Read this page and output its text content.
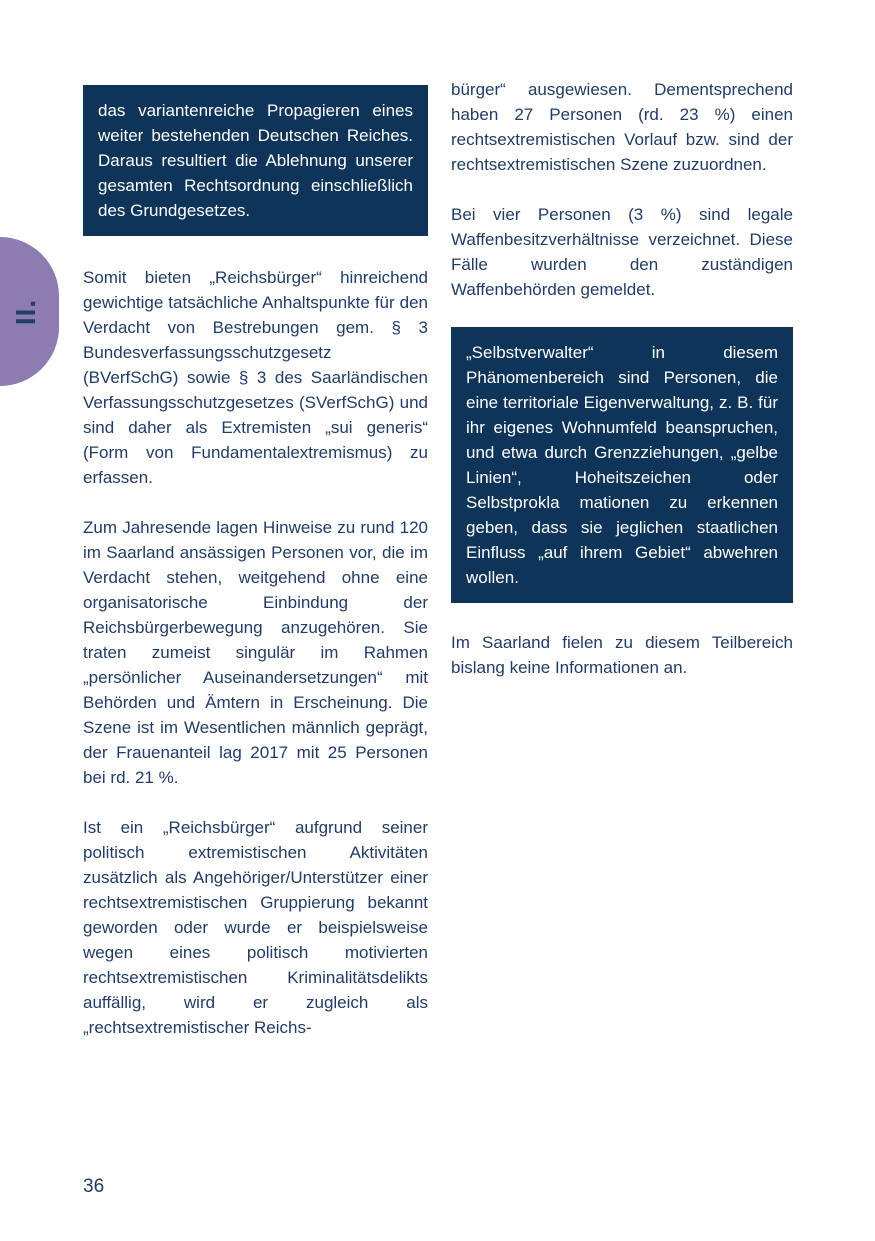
II.

das variantenreiche Propagieren eines weiter bestehenden Deutschen Reiches. Daraus resultiert die Ablehnung unserer gesamten Rechtsordnung einschließlich des Grundgesetzes.

Somit bieten „Reichsbürger“ hinreichend gewichtige tatsächliche Anhaltspunkte für den Verdacht von Bestrebungen gem. § 3 Bundesverfassungsschutzgesetz (BVerfSchG) sowie § 3 des Saarländischen Verfassungsschutzgesetzes (SVerfSchG) und sind daher als Extremisten „sui generis“ (Form von Fundamentalextremismus) zu erfassen.

Zum Jahresende lagen Hinweise zu rund 120 im Saarland ansässigen Personen vor, die im Verdacht stehen, weitgehend ohne eine organisatorische Einbindung der Reichsbürgerbewegung anzugehören. Sie traten zumeist singulär im Rahmen „persönlicher Auseinandersetzungen“ mit Behörden und Ämtern in Erscheinung. Die Szene ist im Wesentlichen männlich geprägt, der Frauenanteil lag 2017 mit 25 Personen bei rd. 21 %.

Ist ein „Reichsbürger“ aufgrund seiner politisch extremistischen Aktivitäten zusätzlich als Angehöriger/Unterstützer einer rechtsextremistischen Gruppierung bekannt geworden oder wurde er beispielsweise wegen eines politisch motivierten rechtsextremistischen Kriminalitätsdelikts auffällig, wird er zugleich als „rechtsextremistischer Reichs-

bürger“ ausgewiesen. Dementsprechend haben 27 Personen (rd. 23 %) einen rechtsextremistischen Vorlauf bzw. sind der rechtsextremistischen Szene zuzuordnen.

Bei vier Personen (3 %) sind legale Waffenbesitzverhältnisse verzeichnet. Diese Fälle wurden den zuständigen Waffenbehörden gemeldet.

„Selbstverwalter“ in diesem Phänomenbereich sind Personen, die eine territoriale Eigenverwaltung, z. B. für ihr eigenes Wohnumfeld beanspruchen, und etwa durch Grenzziehungen, „gelbe Linien“, Hoheitszeichen oder Selbstprokla mationen zu erkennen geben, dass sie jeglichen staatlichen Einfluss „auf ihrem Gebiet“ abwehren wollen.

Im Saarland fielen zu diesem Teilbereich bislang keine Informationen an.

36
